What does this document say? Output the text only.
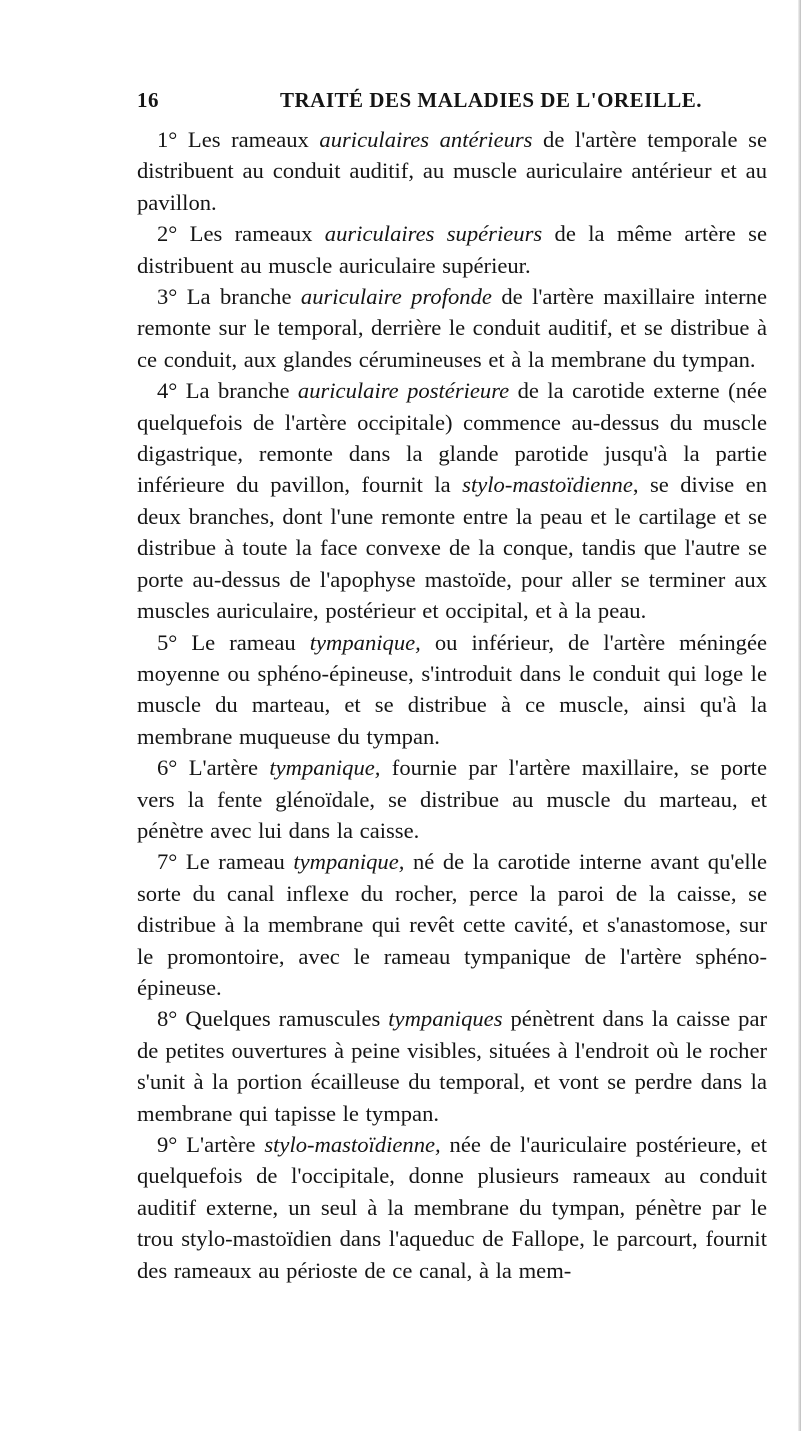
16	TRAITÉ DES MALADIES DE L'OREILLE.

1° Les rameaux auriculaires antérieurs de l'artère temporale se distribuent au conduit auditif, au muscle auriculaire antérieur et au pavillon.

2° Les rameaux auriculaires supérieurs de la même artère se distribuent au muscle auriculaire supérieur.

3° La branche auriculaire profonde de l'artère maxillaire interne remonte sur le temporal, derrière le conduit auditif, et se distribue à ce conduit, aux glandes cérumineuses et à la membrane du tympan.

4° La branche auriculaire postérieure de la carotide externe (née quelquefois de l'artère occipitale) commence au-dessus du muscle digastrique, remonte dans la glande parotide jusqu'à la partie inférieure du pavillon, fournit la stylo-mastoïdienne, se divise en deux branches, dont l'une remonte entre la peau et le cartilage et se distribue à toute la face convexe de la conque, tandis que l'autre se porte au-dessus de l'apophyse mastoïde, pour aller se terminer aux muscles auriculaire, postérieur et occipital, et à la peau.

5° Le rameau tympanique, ou inférieur, de l'artère méningée moyenne ou sphéno-épineuse, s'introduit dans le conduit qui loge le muscle du marteau, et se distribue à ce muscle, ainsi qu'à la membrane muqueuse du tympan.

6° L'artère tympanique, fournie par l'artère maxillaire, se porte vers la fente glénoïdale, se distribue au muscle du marteau, et pénètre avec lui dans la caisse.

7° Le rameau tympanique, né de la carotide interne avant qu'elle sorte du canal inflexe du rocher, perce la paroi de la caisse, se distribue à la membrane qui revêt cette cavité, et s'anastomose, sur le promontoire, avec le rameau tympanique de l'artère sphéno-épineuse.

8° Quelques ramuscules tympaniques pénètrent dans la caisse par de petites ouvertures à peine visibles, situées à l'endroit où le rocher s'unit à la portion écailleuse du temporal, et vont se perdre dans la membrane qui tapisse le tympan.

9° L'artère stylo-mastoïdienne, née de l'auriculaire postérieure, et quelquefois de l'occipitale, donne plusieurs rameaux au conduit auditif externe, un seul à la membrane du tympan, pénètre par le trou stylo-mastoïdien dans l'aqueduc de Fallope, le parcourt, fournit des rameaux au périoste de ce canal, à la mem-
